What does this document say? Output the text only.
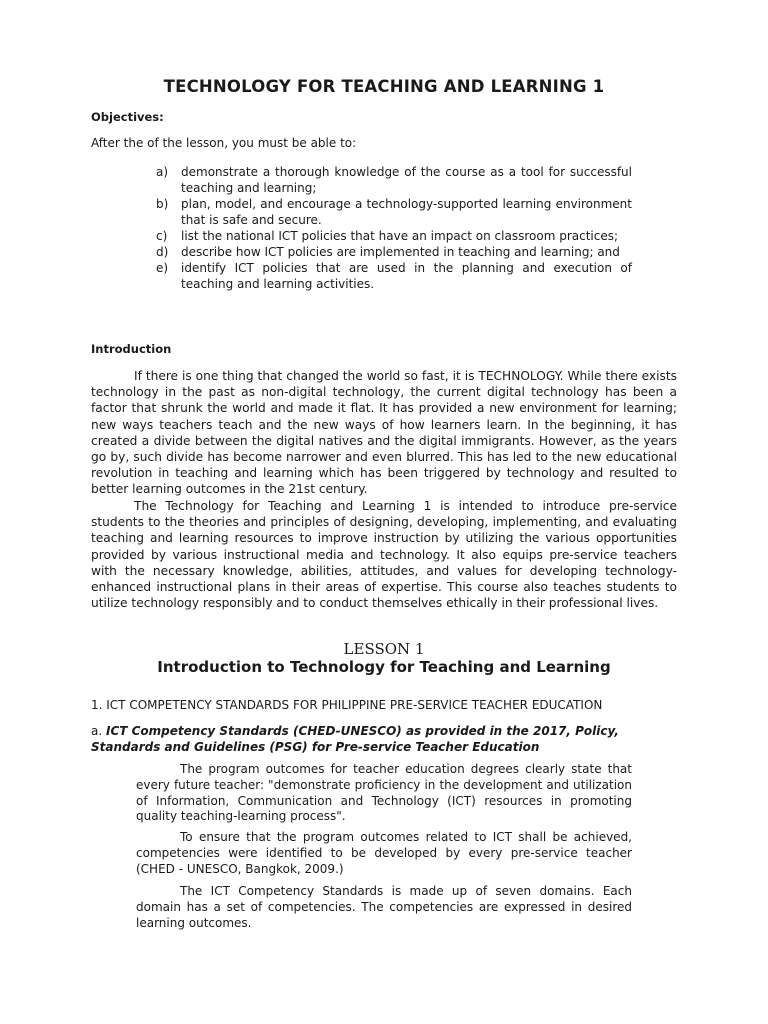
TECHNOLOGY FOR TEACHING AND LEARNING 1
Objectives:
After the of the lesson, you must be able to:
a) demonstrate a thorough knowledge of the course as a tool for successful teaching and learning;
b) plan, model, and encourage a technology-supported learning environment that is safe and secure.
c) list the national ICT policies that have an impact on classroom practices;
d) describe how ICT policies are implemented in teaching and learning; and
e) identify ICT policies that are used in the planning and execution of teaching and learning activities.
Introduction

If there is one thing that changed the world so fast, it is TECHNOLOGY. While there exists technology in the past as non-digital technology, the current digital technology has been a factor that shrunk the world and made it flat. It has provided a new environment for learning; new ways teachers teach and the new ways of how learners learn. In the beginning, it has created a divide between the digital natives and the digital immigrants. However, as the years go by, such divide has become narrower and even blurred. This has led to the new educational revolution in teaching and learning which has been triggered by technology and resulted to better learning outcomes in the 21st century.

The Technology for Teaching and Learning 1 is intended to introduce pre-service students to the theories and principles of designing, developing, implementing, and evaluating teaching and learning resources to improve instruction by utilizing the various opportunities provided by various instructional media and technology. It also equips pre-service teachers with the necessary knowledge, abilities, attitudes, and values for developing technology-enhanced instructional plans in their areas of expertise. This course also teaches students to utilize technology responsibly and to conduct themselves ethically in their professional lives.

LESSON 1
Introduction to Technology for Teaching and Learning
1. ICT COMPETENCY STANDARDS FOR PHILIPPINE PRE-SERVICE TEACHER EDUCATION
a. ICT Competency Standards (CHED-UNESCO) as provided in the 2017, Policy, Standards and Guidelines (PSG) for Pre-service Teacher Education

The program outcomes for teacher education degrees clearly state that every future teacher: "demonstrate proficiency in the development and utilization of Information, Communication and Technology (ICT) resources in promoting quality teaching-learning process".

To ensure that the program outcomes related to ICT shall be achieved, competencies were identified to be developed by every pre-service teacher (CHED - UNESCO, Bangkok, 2009.)

The ICT Competency Standards is made up of seven domains. Each domain has a set of competencies. The competencies are expressed in desired learning outcomes.
